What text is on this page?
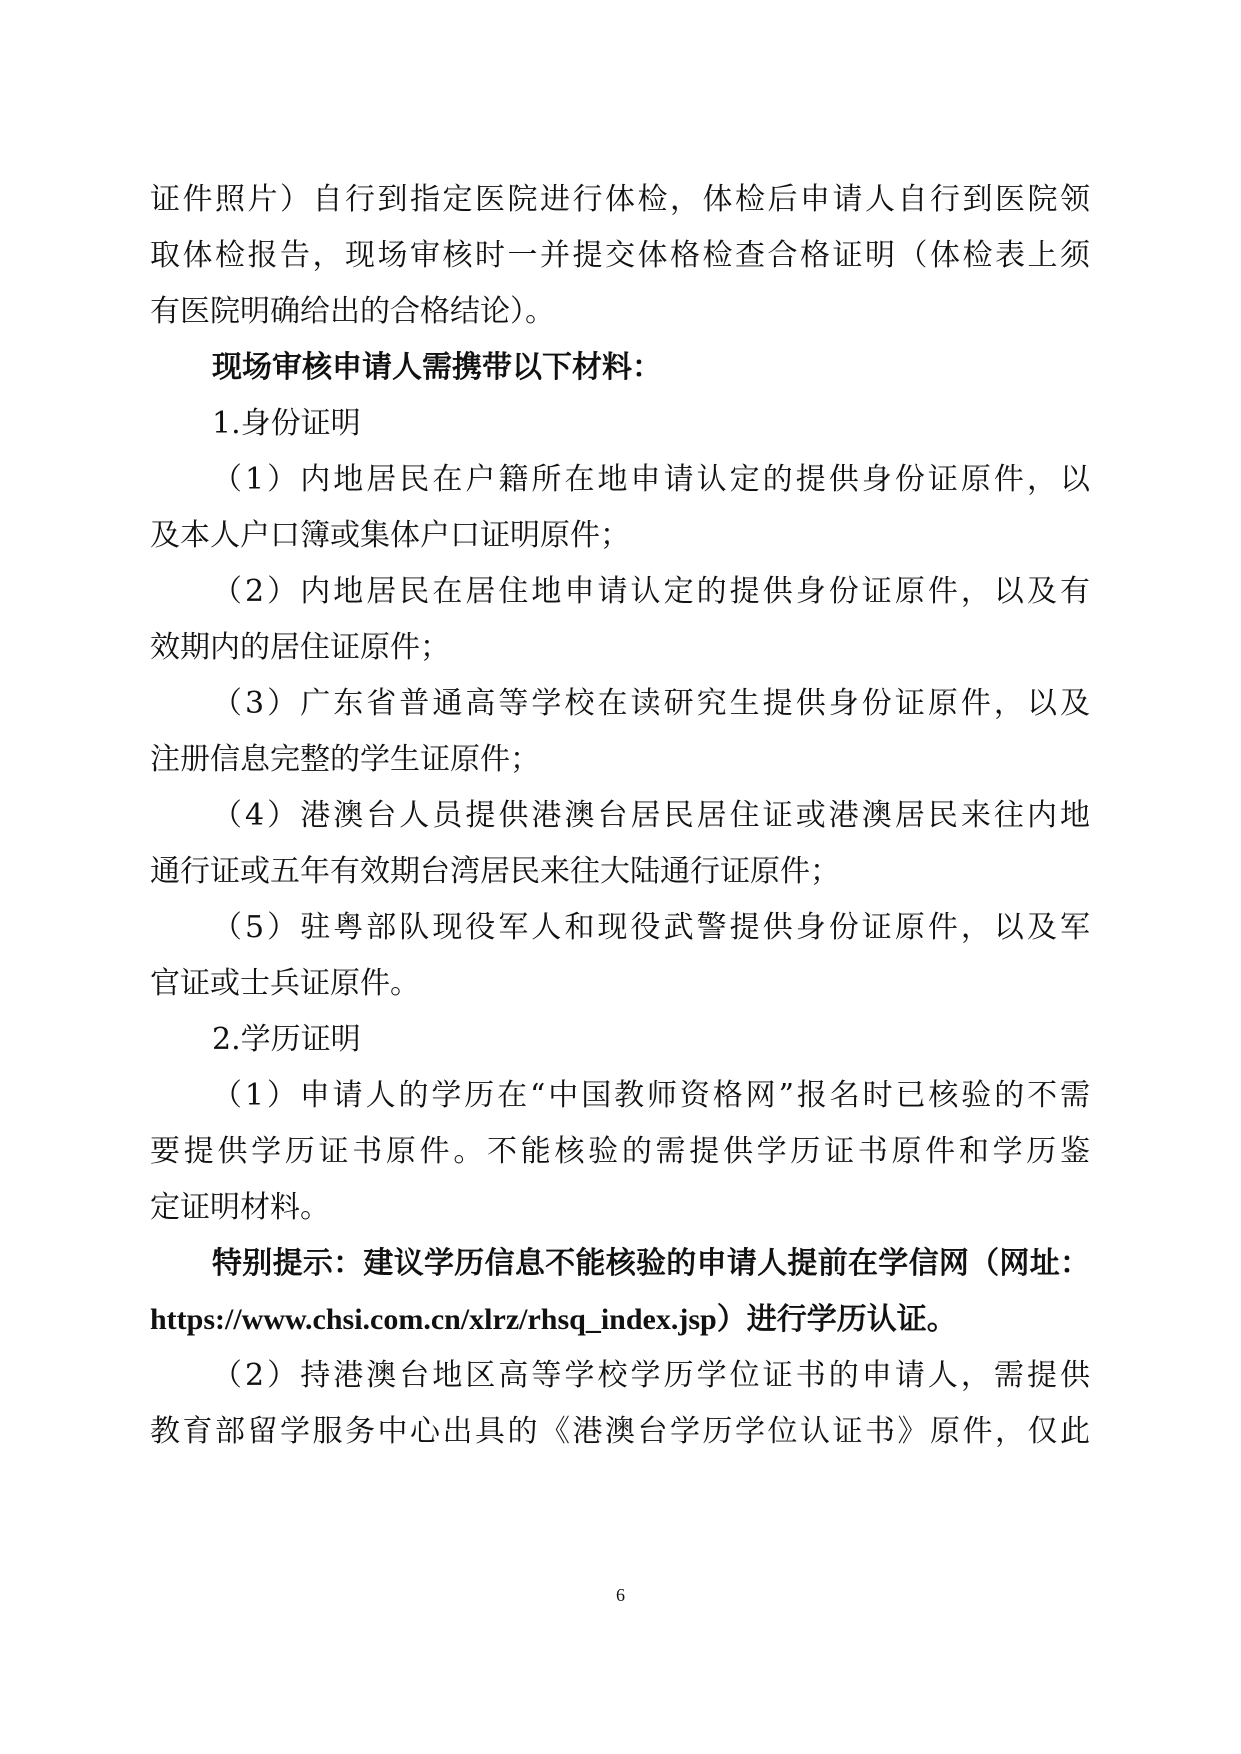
证件照片）自行到指定医院进行体检，体检后申请人自行到医院领
取体检报告，现场审核时一并提交体格检查合格证明（体检表上须
有医院明确给出的合格结论）。
现场审核申请人需携带以下材料：
1.身份证明
（1）内地居民在户籍所在地申请认定的提供身份证原件，以
及本人户口簿或集体户口证明原件；
（2）内地居民在居住地申请认定的提供身份证原件，以及有
效期内的居住证原件；
（3）广东省普通高等学校在读研究生提供身份证原件，以及
注册信息完整的学生证原件；
（4）港澳台人员提供港澳台居民居住证或港澳居民来往内地
通行证或五年有效期台湾居民来往大陆通行证原件；
（5）驻粤部队现役军人和现役武警提供身份证原件，以及军
官证或士兵证原件。
2.学历证明
（1）申请人的学历在“中国教师资格网”报名时已核验的不需
要提供学历证书原件。不能核验的需提供学历证书原件和学历鉴
定证明材料。
特别提示：建议学历信息不能核验的申请人提前在学信网（网址：
https://www.chsi.com.cn/xlrz/rhsq_index.jsp）进行学历认证。
（2）持港澳台地区高等学校学历学位证书的申请人，需提供
教育部留学服务中心出具的《港澳台学历学位认证书》原件，仅此
6
